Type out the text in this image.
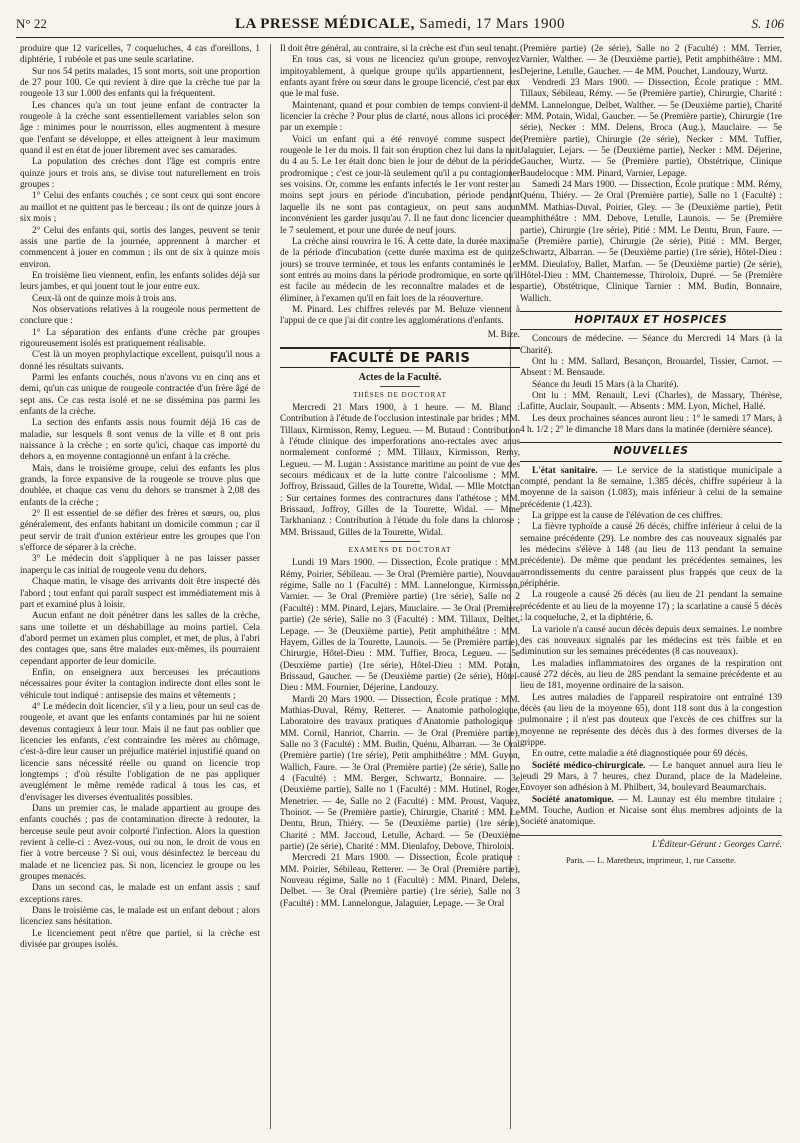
N° 22	LA PRESSE MÉDICALE, Samedi, 17 Mars 1900	S. 106

produire que 12 varicelles, 7 coqueluches, 4 cas d'oreillons, 1 diphtérie, 1 rubéole et pas une seule scarlatine.

Sur nos 54 petits malades, 15 sont morts, soit une proportion de 27 pour 100. Ce qui revient à dire que la crèche tue par la rougeole 13 sur 1.000 des enfants qui la fréquentent.

Les chances qu'a un tout jeune enfant de contracter la rougeole à la crèche sont essentiellement variables selon son âge : minimes pour le nourrisson, elles augmentent à mesure que l'enfant se développe, et elles atteignent à leur maximum quand il est en état de jouer librement avec ses camarades.

La population des crèches dont l'âge est compris entre quinze jours et trois ans, se divise tout naturellement en trois groupes :

1° Celui des enfants couchés ; ce sont ceux qui sont encore au maillot et ne quittent pas le berceau ; ils ont de quinze jours à six mois ;

2° Celui des enfants qui, sortis des langes, peuvent se tenir assis une partie de la journée, apprennent à marcher et commencent à jouer en commun ; ils ont de six à quinze mois environ.

En troisième lieu viennent, enfin, les enfants solides déjà sur leurs jambes, et qui jouent tout le jour entre eux.

Ceux-là ont de quinze mois à trois ans.

Nos observations relatives à la rougeole nous permettent de conclure que :

1° La séparation des enfants d'une crèche par groupes rigoureusement isolés est pratiquement réalisable.

C'est là un moyen prophylactique excellent, puisqu'il nous a donné les résultats suivants.

Parmi les enfants couchés, nous n'avons vu en cinq ans et demi, qu'un cas unique de rougeole contractée d'un frère âgé de sept ans. Ce cas resta isolé et ne se dissémina pas parmi les enfants de la crèche.

La section des enfants assis nous fournit déjà 16 cas de maladie, sur lesquels 8 sont venus de la ville et 8 ont pris naissance à la crèche ; en sorte qu'ici, chaque cas importé du dehors a, en moyenne contagionné un enfant à la crèche.

Mais, dans le troisième groupe, celui des enfants les plus grands, la force expansive de la rougeole se trouve plus que doublée, et chaque cas venu du dehors se transmet à 2,08 des enfants de la crèche ;

2° Il est essentiel de se défier des frères et sœurs, ou, plus généralement, des enfants habitant un domicile commun ; car il peut servir de trait d'union extérieur entre les groupes que l'on s'efforce de séparer à la crèche.

3° Le médecin doit s'appliquer à ne pas laisser passer inaperçu le cas initial de rougeole venu du dehors.

Chaque matin, le visage des arrivants doit être inspecté dès l'abord ; tout enfant qui paraît suspect est immédiatement mis à part et examiné plus à loisir.

Aucun enfant ne doit pénétrer dans les salles de la crèche, sans une toilette et un déshabillage au moins partiel. Cela d'abord permet un examen plus complet, et met, de plus, à l'abri des contages que, sans être malades eux-mêmes, ils pourraient cependant apporter de leur domicile.

Enfin, on enseignera aux berceuses les précautions nécessaires pour éviter la contagion indirecte dont elles sont le véhicule tout indiqué : antisepsie des mains et vêtements ;

4° Le médecin doit licencier, s'il y a lieu, pour un seul cas de rougeole, et avant que les enfants contaminés par lui ne soient devenus contagieux à leur tour. Mais il ne faut pas oublier que licencier les enfants, c'est contraindre les mères au chômage, c'est-à-dire leur causer un préjudice matériel injustifié quand on licencie sans nécessité réelle ou quand on licencie trop longtemps ; d'où résulte l'obligation de ne pas appliquer aveuglément le même remède radical à tous les cas, et d'envisager les diverses éventualités possibles.

Dans un premier cas, le malade appartient au groupe des enfants couchés ; pas de contamination directe à redouter, la berceuse seule peut avoir colporté l'infection. Alors la question revient à celle-ci : Avez-vous, oui ou non, le droit de vous en fier à votre berceuse ? Si oui, vous désinfectez le berceau du malade et ne licenciez pas. Si non, licenciez le groupe ou les groupes menacés.

Dans un second cas, le malade est un enfant assis ; sauf exceptions rares.

Dans le troisième cas, le malade est un enfant debout ; alors licenciez sans hésitation.

Le licenciement peut n'être que partiel, si la crèche est divisée par groupes isolés.

Il doit être général, au contraire, si la crèche est d'un seul tenant.

En tous cas, si vous ne licenciez qu'un groupe, renvoyez impitoyablement, à quelque groupe qu'ils appartiennent, les enfants ayant frère ou sœur dans le groupe licencié, c'est par eux que le mal fuse.

Maintenant, quand et pour combien de temps convient-il de licencier la crèche ? Pour plus de clarté, nous allons ici procéder par un exemple :

Voici un enfant qui a été renvoyé comme suspect de rougeole le 1er du mois. Il fait son éruption chez lui dans la nuit du 4 au 5. Le 1er était donc bien le jour de début de la période prodromique ; c'est ce jour-là seulement qu'il a pu contagionner ses voisins. Or, comme les enfants infectés le 1er vont rester au moins sept jours en période d'incubation, période pendant laquelle ils ne sont pas contagieux, on peut sans aucun inconvénient les garder jusqu'au 7. Il ne faut donc licencier que le 7 seulement, et pour une durée de neuf jours.

La crèche ainsi rouvrira le 16. À cette date, la durée maxima de la période d'incubation (cette durée maxima est de quinze jours) se trouve terminée, et tous les enfants contaminés le 1er sont entrés au moins dans la période prodromique, en sorte qu'il est facile au médecin de les reconnaître malades et de les éliminer, à l'examen qu'il en fait lors de la réouverture.

M. Pinard. Les chiffres relevés par M. Beluze viennent à l'appui de ce que j'ai dit contre les agglomérations d'enfants.

M. Bize.

FACULTÉ DE PARIS
Actes de la Faculté.
THÈSES DE DOCTORAT

Mercredi 21 Mars 1900, à 1 heure. — M. Blanc : Contribution à l'étude de l'occlusion intestinale par brides ; MM. Tillaux, Kirmisson, Remy, Legueu. — M. Butaud : Contribution à l'étude clinique des imperforations ano-rectales avec anus normalement conformé ; MM. Tillaux, Kirmisson, Remy, Legueu. — M. Lugan : Assistance maritime au point de vue des secours médicaux et de la lutte contre l'alcoolisme : MM. Joffroy, Brissaud, Gilles de la Tourette, Widal. — Mlle Motchan : Sur certaines formes des contractures dans l'athétose ; MM. Brissaud, Joffroy, Gilles de la Tourette, Widal. — Mme Tarkhanianz : Contribution à l'étude du fole dans la chlorose ; MM. Brissaud, Gilles de la Tourette, Widal.

EXAMENS DE DOCTORAT

Lundi 19 Mars 1900. — Dissection, École pratique : MM. Rémy, Poirier, Sébileau. — 3e Oral (Première partie), Nouveau régime, Salle no 1 (Faculté) : MM. Lannelongue, Kirmisson, Varnier. — 3e Oral (Première partie) (1re série), Salle no 2 (Faculté) : MM. Pinard, Lejars, Mauclaire. — 3e Oral (Première partie) (2e série), Salle no 3 (Faculté) : MM. Tillaux, Delbet, Lepage. — 3e (Deuxième partie), Petit amphithéâtre : MM. Hayem, Gilles de la Tourette, Launois. — 5e (Première partie), Chirurgie, Hôtel-Dieu : MM. Tuffier, Broca, Legueu. — 5e (Deuxième partie) (1re série), Hôtel-Dieu : MM. Potain, Brissaud, Gaucher. — 5e (Deuxième partie) (2e série), Hôtel-Dieu : MM. Fournier, Déjerine, Landouzy.

Mardi 20 Mars 1900. — Dissection, École pratique : MM. Mathias-Duval, Rémy, Retterer. — Anatomie pathologique, Laboratoire des travaux pratiques d'Anatomie pathologique : MM. Cornil, Hanriot, Charrin. — 3e Oral (Première partie), Salle no 3 (Faculté) : MM. Budin, Quénu, Albarran. — 3e Oral (Première partie) (1re série), Petit amphithéâtre : MM. Guyon, Wallich, Faure. — 3e Oral (Première partie) (2e série), Salle no 4 (Faculté) : MM. Berger, Schwartz, Bonnaire. — 3e (Deuxième partie), Salle no 1 (Faculté) : MM. Hutinel, Roger, Menetrier. — 4e, Salle no 2 (Faculté) : MM. Proust, Vaquez, Thoinot. — 5e (Première partie), Chirurgie, Charité : MM. Le Dentu, Brun, Thiéry. — 5e (Deuxième partie) (1re série), Charité : MM. Jaccoud, Letulle, Achard. — 5e (Deuxième partie) (2e série), Charité : MM. Dieulafoy, Debove, Thiroloix.

Mercredi 21 Mars 1900. — Dissection, École pratique : MM. Poirier, Sébileau, Retterer. — 3e Oral (Première partie), Nouveau régime, Salle no 1 (Faculté) : MM. Pinard, Delens, Delbet. — 3e Oral (Première partie) (1re série), Salle no 3 (Faculté) : MM. Lannelongue, Jalaguier, Lepage. — 3e Oral

(Première partie) (2e série), Salle no 2 (Faculté) : MM. Terrier, Varnier, Walther. — 3e (Deuxième partie), Petit amphithéâtre : MM. Dejerine, Letulle, Gaucher. — 4e MM. Pouchet, Landouzy, Wurtz.

Vendredi 23 Mars 1900. — Dissection, École pratique : MM. Tillaux, Sébileau, Rémy. — 5e (Première partie), Chirurgie, Charité : MM. Lannelongue, Delbet, Walther. — 5e (Deuxième partie), Charité : MM. Potain, Widal, Gaucher. — 5e (Première partie), Chirurgie (1re série), Necker : MM. Delens, Broca (Aug.), Mauclaire. — 5e (Première partie), Chirurgie (2e série), Necker : MM. Tuffier, Jalaguier, Lejars. — 5e (Deuxième partie), Necker : MM. Déjerine, Gaucher, Wurtz. — 5e (Première partie), Obstétrique, Clinique Baudelocque : MM. Pinard, Varnier, Lepage.

Samedi 24 Mars 1900. — Dissection, École pratique : MM. Rémy, Quénu, Thiéry. — 2e Oral (Première partie), Salle no 1 (Faculté) : MM. Mathias-Duval, Poirier, Gley. — 3e (Deuxième partie), Petit amphithéâtre : MM. Debove, Letulle, Launois. — 5e (Première partie), Chirurgie (1re série), Pitié : MM. Le Dentu, Brun, Faure. — 5e (Première partie), Chirurgie (2e série), Pitié : MM. Berger, Schwartz, Albarran. — 5e (Deuxième partie) (1re série), Hôtel-Dieu : MM. Dieulafoy, Ballet, Marfan. — 5e (Deuxième partie) (2e série), Hôtel-Dieu : MM. Chantemesse, Thiroloix, Dupré. — 5e (Première partie), Obstétrique, Clinique Tarnier : MM. Budin, Bonnaire, Wallich.

HOPITAUX ET HOSPICES

Concours de médecine. — Séance du Mercredi 14 Mars (à la Charité).

Ont lu : MM. Sallard, Besançon, Brouardel, Tissier, Carnot. — Absent : M. Bensaude.

Séance du Jeudi 15 Mars (à la Charité).

Ont lu : MM. Renault, Levi (Charles), de Massary, Thérèse, Lafitte, Auclair, Soupault. — Absents : MM. Lyon, Michel, Hallé.

Les deux prochaines séances auront lieu : 1° le samedi 17 Mars, à 4 h. 1/2 ; 2° le dimanche 18 Mars dans la matinée (dernière séance).

NOUVELLES

L'état sanitaire. — Le service de la statistique municipale a compté, pendant la 8e semaine, 1.385 décès, chiffre supérieur à la moyenne de la saison (1.083), mais inférieur à celui de la semaine précédente (1.423).

La grippe est la cause de l'élévation de ces chiffres.

La fièvre typhoïde a causé 26 décès, chiffre inférieur à celui de la semaine précédente (29). Le nombre des cas nouveaux signalés par les médecins s'élève à 148 (au lieu de 113 pendant la semaine précédente). De même que pendant les précédentes semaines, les arrondissements du centre paraissent plus frappés que ceux de la périphérie.

La rougeole a causé 26 décès (au lieu de 21 pendant la semaine précédente et au lieu de la moyenne 17) ; la scarlatine a causé 5 décès ; la coqueluche, 2, et la diphtérie, 6.

La variole n'a causé aucun décès depuis deux semaines. Le nombre des cas nouveaux signalés par les médecins est très faible et en diminution sur les semaines précédentes (8 cas nouveaux).

Les maladies inflammatoires des organes de la respiration ont causé 272 décès, au lieu de 285 pendant la semaine précédente et au lieu de 181, moyenne ordinaire de la saison.

Les autres maladies de l'appareil respiratoire ont entraîné 139 décès (au lieu de la moyenne 65), dont 118 sont dus à la congestion pulmonaire ; il n'est pas douteux que l'excès de ces chiffres sur la moyenne ne représente des décès dus à des formes diverses de la grippe.

En outre, cette maladie a été diagnostiquée pour 69 décès.

Société médico-chirurgicale. — Le banquet annuel aura lieu le jeudi 29 Mars, à 7 heures, chez Durand, place de la Madeleine. Envoyer son adhésion à M. Philbert, 34, boulevard Beaumarchais.

Société anatomique. — M. Launay est élu membre titulaire ; MM. Touche, Audion et Nicaise sont élus membres adjoints de la Société anatomique.

L'Éditeur-Gérant : Georges Carré.
Paris. — L. Maretheux, imprimeur, 1, rue Cassette.
